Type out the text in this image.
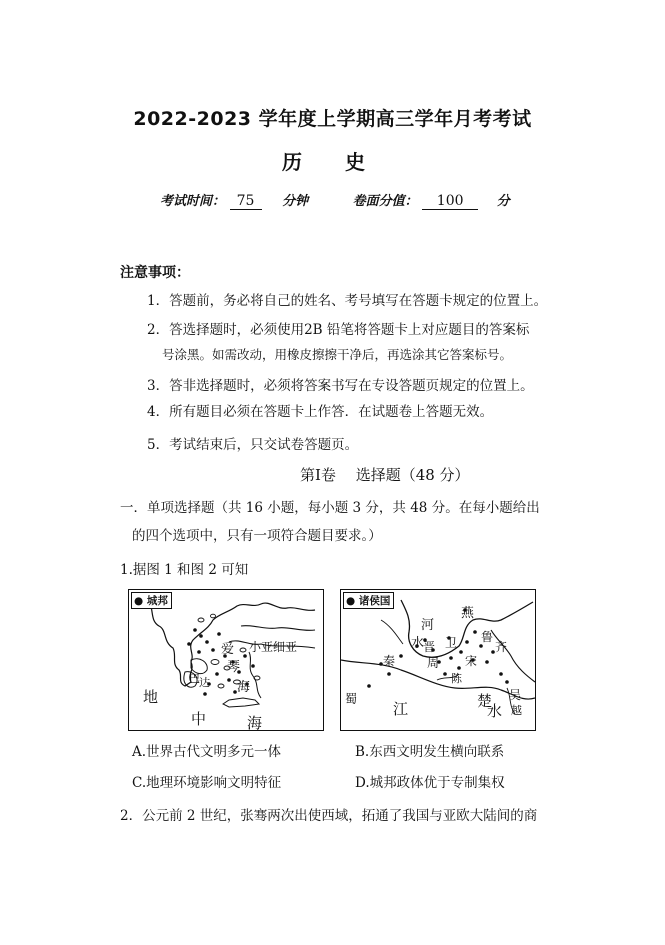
2022-2023 学年度上学期高三学年月考考试
历 史
考试时间： 75 分钟	卷面分值： 100	分
注意事项：
1．答题前，务必将自己的姓名、考号填写在答题卡规定的位置上。
2．答选择题时，必须使用2B 铅笔将答题卡上对应题目的答案标
号涂黑。如需改动，用橡皮擦擦干净后，再选涂其它答案标号。
3．答非选择题时，必须将答案书写在专设答题页规定的位置上。
4．所有题目必须在答题卡上作答．在试题卷上答题无效。
5．考试结束后，只交试卷答题页。
第Ⅰ卷　 选择题（48 分）
一．单项选择题（共 16 小题，每小题 3 分，共 48 分。在每小题给出
的四个选项中，只有一项符合题目要求。）
1.据图 1 和图 2 可知
● 城邦
爱 小亚细亚
琴
海
巴 达
地
中	海
● 诸侯国
燕
河
水
晋 卫 鲁
齐
秦	周 宋
陈
蜀
江	楚
水
吴
越
A.世界古代文明多元一体	B.东西文明发生横向联系
C.地理环境影响文明特征	D.城邦政体优于专制集权
2．公元前 2 世纪，张骞两次出使西域，拓通了我国与亚欧大陆间的商
